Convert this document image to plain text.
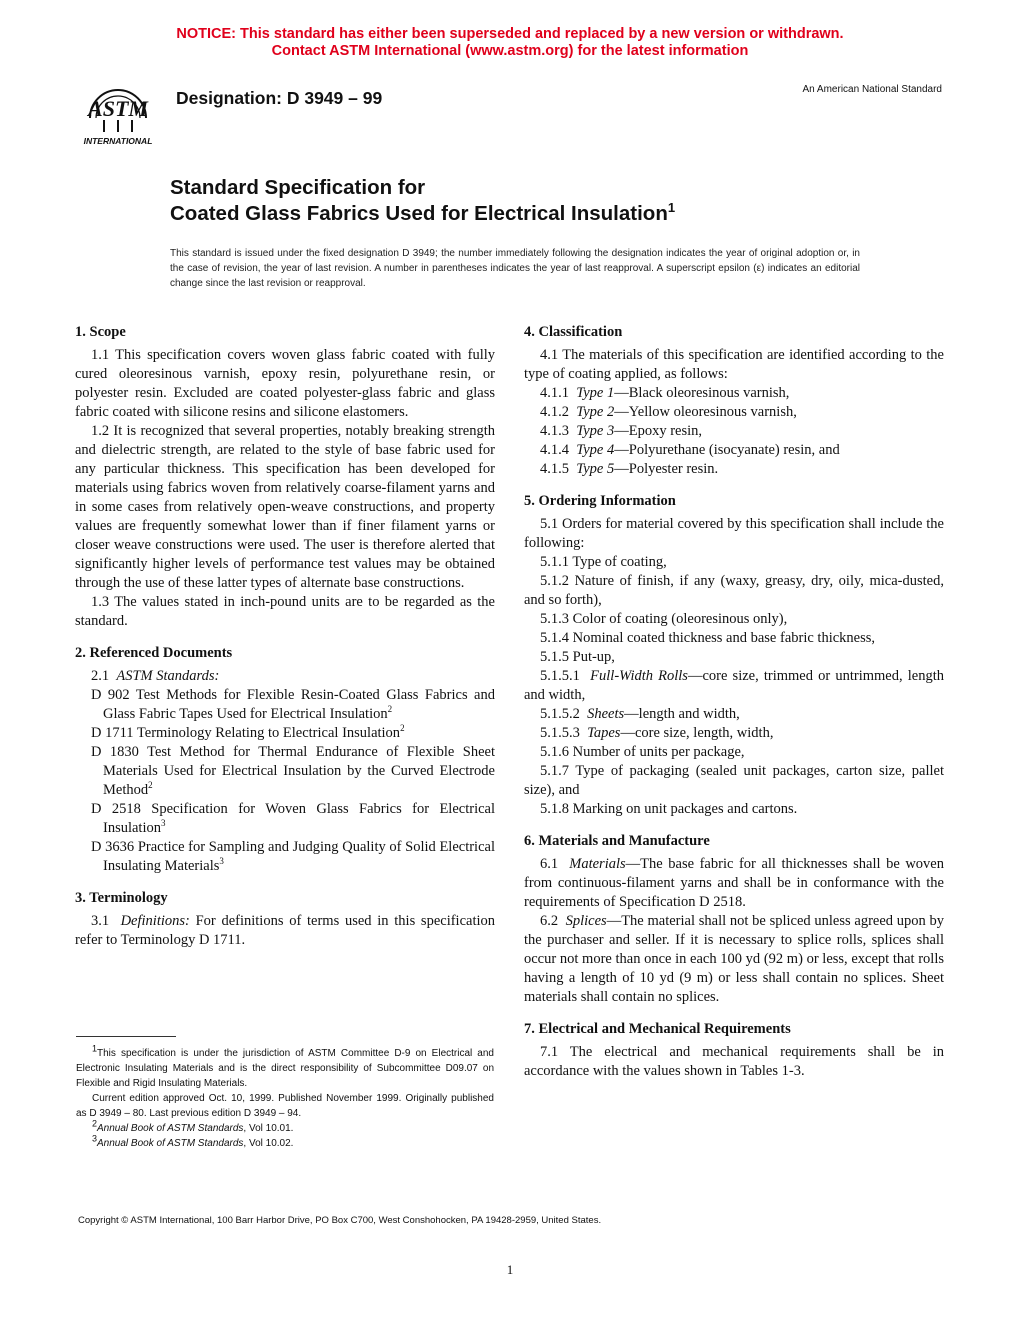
NOTICE: This standard has either been superseded and replaced by a new version or withdrawn.
Contact ASTM International (www.astm.org) for the latest information
ASTM
INTERNATIONAL
Designation: D 3949 – 99	An American National Standard
Standard Specification for
Coated Glass Fabrics Used for Electrical Insulation$^1$
This standard is issued under the fixed designation D 3949; the number immediately following the designation indicates the year of original adoption or, in the case of revision, the year of last revision. A number in parentheses indicates the year of last reapproval. A superscript epsilon (ε) indicates an editorial change since the last revision or reapproval.
1. Scope

1.1 This specification covers woven glass fabric coated with fully cured oleoresinous varnish, epoxy resin, polyurethane resin, or polyester resin. Excluded are coated polyester-glass fabric and glass fabric coated with silicone resins and silicone elastomers.

1.2 It is recognized that several properties, notably breaking strength and dielectric strength, are related to the style of base fabric used for any particular thickness. This specification has been developed for materials using fabrics woven from relatively coarse-filament yarns and in some cases from relatively open-weave constructions, and property values are frequently somewhat lower than if finer filament yarns or closer weave constructions were used. The user is therefore alerted that significantly higher levels of performance test values may be obtained through the use of these latter types of alternate base constructions.

1.3 The values stated in inch-pound units are to be regarded as the standard.

2. Referenced Documents

2.1 ASTM Standards:

D 902 Test Methods for Flexible Resin-Coated Glass Fabrics and Glass Fabric Tapes Used for Electrical Insulation$^2$
D 1711 Terminology Relating to Electrical Insulation$^2$
D 1830 Test Method for Thermal Endurance of Flexible Sheet Materials Used for Electrical Insulation by the Curved Electrode Method$^2$
D 2518 Specification for Woven Glass Fabrics for Electrical Insulation$^3$
D 3636 Practice for Sampling and Judging Quality of Solid Electrical Insulating Materials$^3$
3. Terminology

3.1 Definitions: For definitions of terms used in this specification refer to Terminology D 1711.

4. Classification

4.1 The materials of this specification are identified according to the type of coating applied, as follows:

4.1.1 Type 1—Black oleoresinous varnish,
4.1.2 Type 2—Yellow oleoresinous varnish,
4.1.3 Type 3—Epoxy resin,
4.1.4 Type 4—Polyurethane (isocyanate) resin, and
4.1.5 Type 5—Polyester resin.
5. Ordering Information

5.1 Orders for material covered by this specification shall include the following:

5.1.1 Type of coating,

5.1.2 Nature of finish, if any (waxy, greasy, dry, oily, mica-dusted, and so forth),

5.1.3 Color of coating (oleoresinous only),

5.1.4 Nominal coated thickness and base fabric thickness,

5.1.5 Put-up,

5.1.5.1 Full-Width Rolls—core size, trimmed or untrimmed, length and width,

5.1.5.2 Sheets—length and width,

5.1.5.3 Tapes—core size, length, width,

5.1.6 Number of units per package,

5.1.7 Type of packaging (sealed unit packages, carton size, pallet size), and

5.1.8 Marking on unit packages and cartons.

6. Materials and Manufacture

6.1 Materials—The base fabric for all thicknesses shall be woven from continuous-filament yarns and shall be in conformance with the requirements of Specification D 2518.

6.2 Splices—The material shall not be spliced unless agreed upon by the purchaser and seller. If it is necessary to splice rolls, splices shall occur not more than once in each 100 yd (92 m) or less, except that rolls having a length of 10 yd (9 m) or less shall contain no splices. Sheet materials shall contain no splices.

7. Electrical and Mechanical Requirements

7.1 The electrical and mechanical requirements shall be in accordance with the values shown in Tables 1-3.

$^1$This specification is under the jurisdiction of ASTM Committee D-9 on Electrical and Electronic Insulating Materials and is the direct responsibility of Subcommittee D09.07 on Flexible and Rigid Insulating Materials.

Current edition approved Oct. 10, 1999. Published November 1999. Originally published as D 3949 – 80. Last previous edition D 3949 – 94.

$^2$Annual Book of ASTM Standards, Vol 10.01.

$^3$Annual Book of ASTM Standards, Vol 10.02.

Copyright © ASTM International, 100 Barr Harbor Drive, PO Box C700, West Conshohocken, PA 19428-2959, United States.
1
